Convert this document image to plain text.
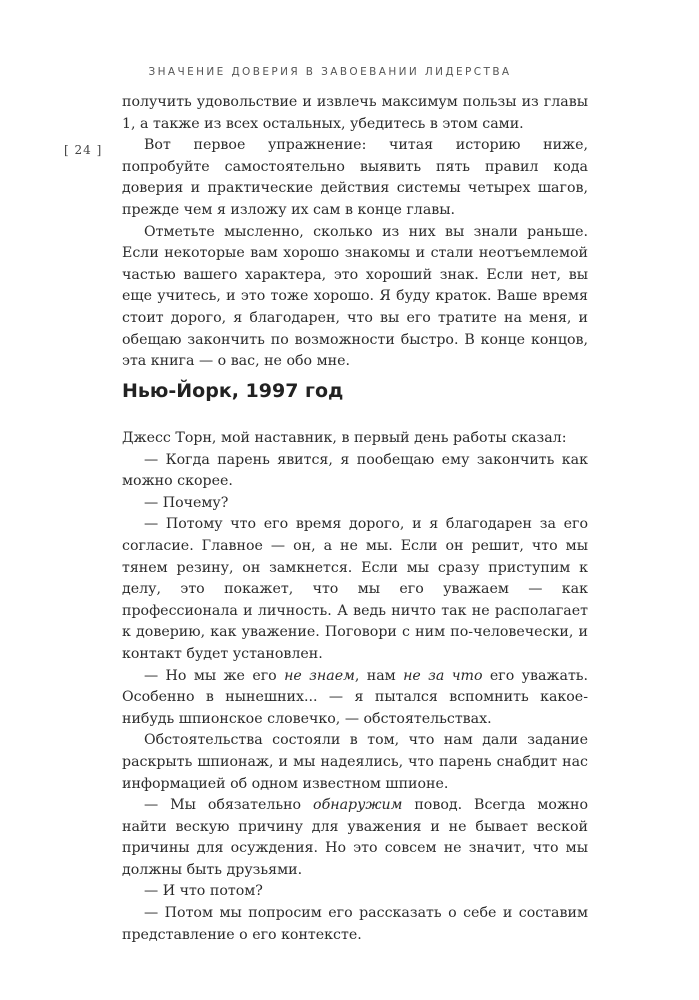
ЗНАЧЕНИЕ ДОВЕРИЯ В ЗАВОЕВАНИИ ЛИДЕРСТВА
[ 24 ]

получить удовольствие и извлечь максимум пользы из главы 1, а также из всех остальных, убедитесь в этом сами.

Вот первое упражнение: читая историю ниже, попробуйте самостоятельно выявить пять правил кода доверия и практические действия системы четырех шагов, прежде чем я изложу их сам в конце главы.

Отметьте мысленно, сколько из них вы знали раньше. Если некоторые вам хорошо знакомы и стали неотъемлемой частью вашего характера, это хороший знак. Если нет, вы еще учитесь, и это тоже хорошо. Я буду краток. Ваше время стоит дорого, я благодарен, что вы его тратите на меня, и обещаю закончить по возможности быстро. В конце концов, эта книга — о вас, не обо мне.

Нью-Йорк, 1997 год

Джесс Торн, мой наставник, в первый день работы сказал:

— Когда парень явится, я пообещаю ему закончить как можно скорее.

— Почему?

— Потому что его время дорого, и я благодарен за его согласие. Главное — он, а не мы. Если он решит, что мы тянем резину, он замкнется. Если мы сразу приступим к делу, это покажет, что мы его уважаем — как профессионала и личность. А ведь ничто так не располагает к доверию, как уважение. Поговори с ним по-человечески, и контакт будет установлен.

— Но мы же его не знаем, нам не за что его уважать. Особенно в нынешних... — я пытался вспомнить какое-нибудь шпионское словечко, — обстоятельствах.

Обстоятельства состояли в том, что нам дали задание раскрыть шпионаж, и мы надеялись, что парень снабдит нас информацией об одном известном шпионе.

— Мы обязательно обнаружим повод. Всегда можно найти вескую причину для уважения и не бывает веской причины для осуждения. Но это совсем не значит, что мы должны быть друзьями.

— И что потом?

— Потом мы попросим его рассказать о себе и составим представление о его контексте.
